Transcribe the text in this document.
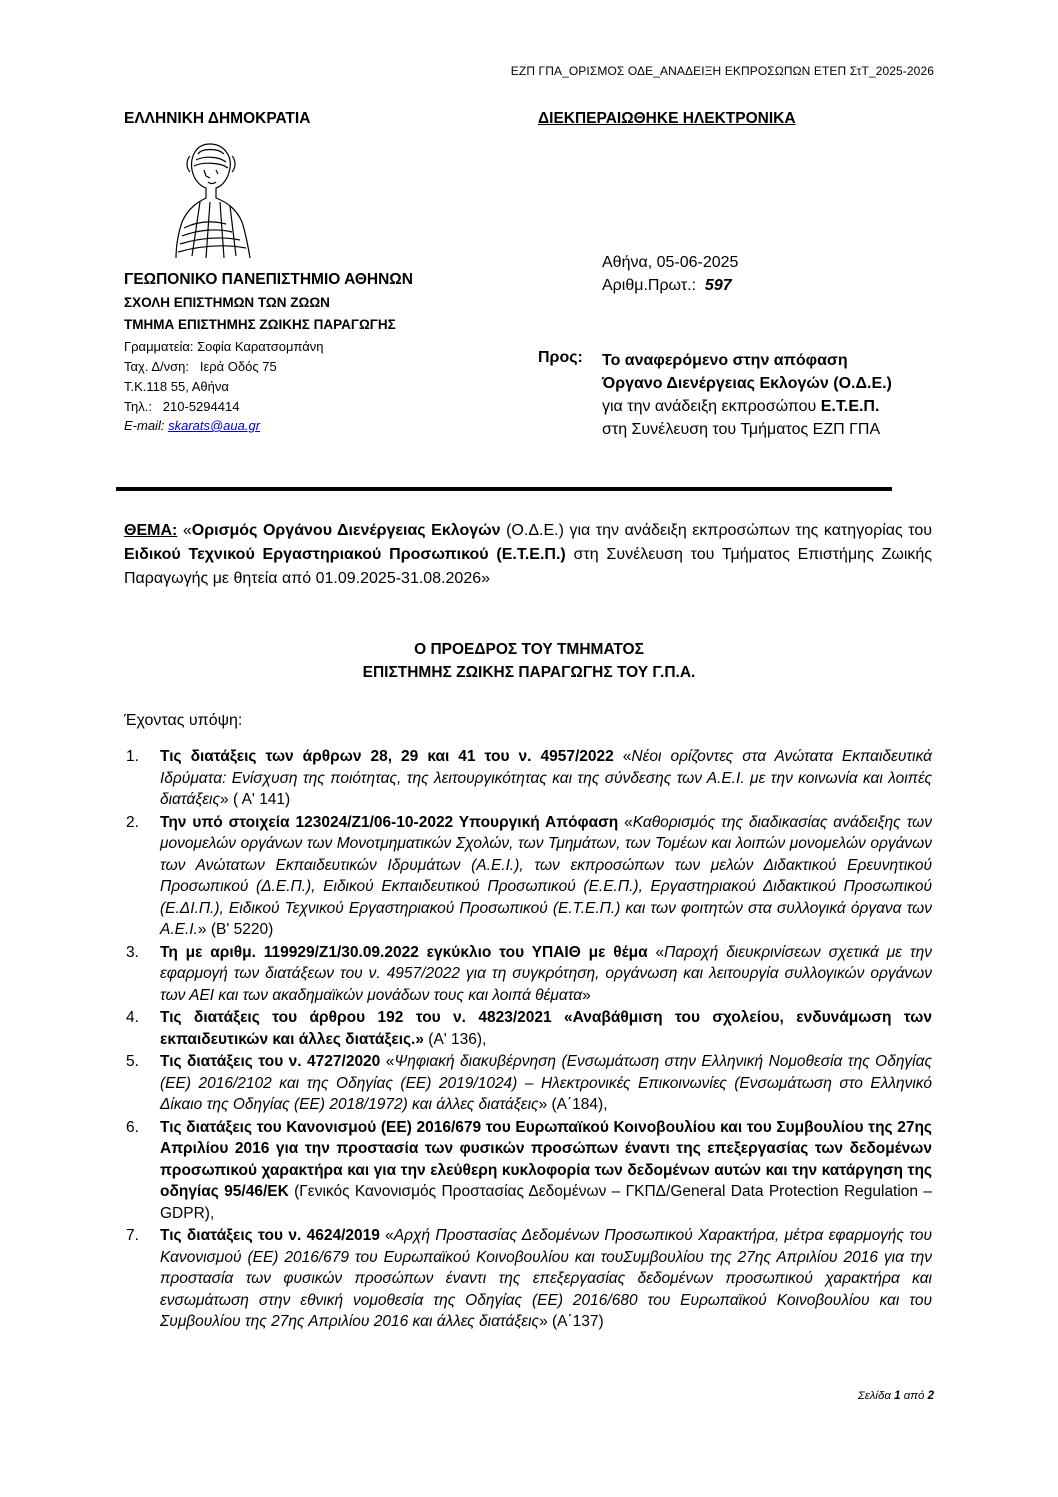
ΕΖΠ ΓΠΑ_ΟΡΙΣΜΟΣ ΟΔΕ_ΑΝΑΔΕΙΞΗ ΕΚΠΡΟΣΩΠΩΝ ΕΤΕΠ ΣτΤ_2025-2026
ΕΛΛΗΝΙΚΗ ΔΗΜΟΚΡΑΤΙΑ	ΔΙΕΚΠΕΡΑΙΩΘΗΚΕ ΗΛΕΚΤΡΟΝΙΚΑ
ΓΕΩΠΟΝΙΚΟ ΠΑΝΕΠΙΣΤΗΜΙΟ ΑΘΗΝΩΝ
ΣΧΟΛΗ ΕΠΙΣΤΗΜΩΝ ΤΩΝ ΖΩΩΝ
ΤΜΗΜΑ ΕΠΙΣΤΗΜΗΣ ΖΩΙΚΗΣ ΠΑΡΑΓΩΓΗΣ
Γραμματεία: Σοφία Καρατσομπάνη
Ταχ. Δ/νση: Ιερά Οδός 75
Τ.Κ.118 55, Αθήνα
Τηλ.: 210-5294414
E-mail: skarats@aua.gr
Αθήνα, 05-06-2025
Αριθμ.Πρωτ.: 597
Προς: Το αναφερόμενο στην απόφαση Όργανο Διενέργειας Εκλογών (Ο.Δ.Ε.) για την ανάδειξη εκπροσώπου Ε.Τ.Ε.Π. στη Συνέλευση του Τμήματος ΕΖΠ ΓΠΑ
ΘΕΜΑ: «Ορισμός Οργάνου Διενέργειας Εκλογών (Ο.Δ.Ε.) για την ανάδειξη εκπροσώπων της κατηγορίας του Ειδικού Τεχνικού Εργαστηριακού Προσωπικού (Ε.Τ.Ε.Π.) στη Συνέλευση του Τμήματος Επιστήμης Ζωικής Παραγωγής με θητεία από 01.09.2025-31.08.2026»
Ο ΠΡΟΕΔΡΟΣ ΤΟΥ ΤΜΗΜΑΤΟΣ
ΕΠΙΣΤΗΜΗΣ ΖΩΙΚΗΣ ΠΑΡΑΓΩΓΗΣ ΤΟΥ Γ.Π.Α.
Έχοντας υπόψη:
1. Τις διατάξεις των άρθρων 28, 29 και 41 του ν. 4957/2022 «Νέοι ορίζοντες στα Ανώτατα Εκπαιδευτικά Ιδρύματα: Ενίσχυση της ποιότητας, της λειτουργικότητας και της σύνδεσης των Α.Ε.Ι. με την κοινωνία και λοιπές διατάξεις» ( Α' 141)
2. Την υπό στοιχεία 123024/Ζ1/06-10-2022 Υπουργική Απόφαση «Καθορισμός της διαδικασίας ανάδειξης των μονομελών οργάνων των Μονοτμηματικών Σχολών, των Τμημάτων, των Τομέων και λοιπών μονομελών οργάνων των Ανώτατων Εκπαιδευτικών Ιδρυμάτων (Α.Ε.Ι.), των εκπροσώπων των μελών Διδακτικού Ερευνητικού Προσωπικού (Δ.Ε.Π.), Ειδικού Εκπαιδευτικού Προσωπικού (Ε.Ε.Π.), Εργαστηριακού Διδακτικού Προσωπικού (Ε.ΔΙ.Π.), Ειδικού Τεχνικού Εργαστηριακού Προσωπικού (Ε.Τ.Ε.Π.) και των φοιτητών στα συλλογικά όργανα των Α.Ε.Ι.» (Β' 5220)
3. Τη με αριθμ. 119929/Ζ1/30.09.2022 εγκύκλιο του ΥΠΑΙΘ με θέμα «Παροχή διευκρινίσεων σχετικά με την εφαρμογή των διατάξεων του ν. 4957/2022 για τη συγκρότηση, οργάνωση και λειτουργία συλλογικών οργάνων των ΑΕΙ και των ακαδημαϊκών μονάδων τους και λοιπά θέματα»
4. Τις διατάξεις του άρθρου 192 του ν. 4823/2021 «Αναβάθμιση του σχολείου, ενδυνάμωση των εκπαιδευτικών και άλλες διατάξεις.» (Α' 136),
5. Τις διατάξεις του ν. 4727/2020 «Ψηφιακή διακυβέρνηση (Ενσωμάτωση στην Ελληνική Νομοθεσία της Οδηγίας (ΕΕ) 2016/2102 και της Οδηγίας (ΕΕ) 2019/1024) – Ηλεκτρονικές Επικοινωνίες (Ενσωμάτωση στο Ελληνικό Δίκαιο της Οδηγίας (ΕΕ) 2018/1972) και άλλες διατάξεις» (Α΄184),
6. Τις διατάξεις του Κανονισμού (ΕΕ) 2016/679 του Ευρωπαϊκού Κοινοβουλίου και του Συμβουλίου της 27ης Απριλίου 2016 για την προστασία των φυσικών προσώπων έναντι της επεξεργασίας των δεδομένων προσωπικού χαρακτήρα και για την ελεύθερη κυκλοφορία των δεδομένων αυτών και την κατάργηση της οδηγίας 95/46/ΕΚ (Γενικός Κανονισμός Προστασίας Δεδομένων – ΓΚΠΔ/General Data Protection Regulation – GDPR),
7. Τις διατάξεις του ν. 4624/2019 «Αρχή Προστασίας Δεδομένων Προσωπικού Χαρακτήρα, μέτρα εφαρμογής του Κανονισμού (ΕΕ) 2016/679 του Ευρωπαϊκού Κοινοβουλίου και τουΣυμβουλίου της 27ης Απριλίου 2016 για την προστασία των φυσικών προσώπων έναντι της επεξεργασίας δεδομένων προσωπικού χαρακτήρα και ενσωμάτωση στην εθνική νομοθεσία της Οδηγίας (ΕΕ) 2016/680 του Ευρωπαϊκού Κοινοβουλίου και του Συμβουλίου της 27ης Απριλίου 2016 και άλλες διατάξεις» (Α΄137)
Σελίδα 1 από 2
